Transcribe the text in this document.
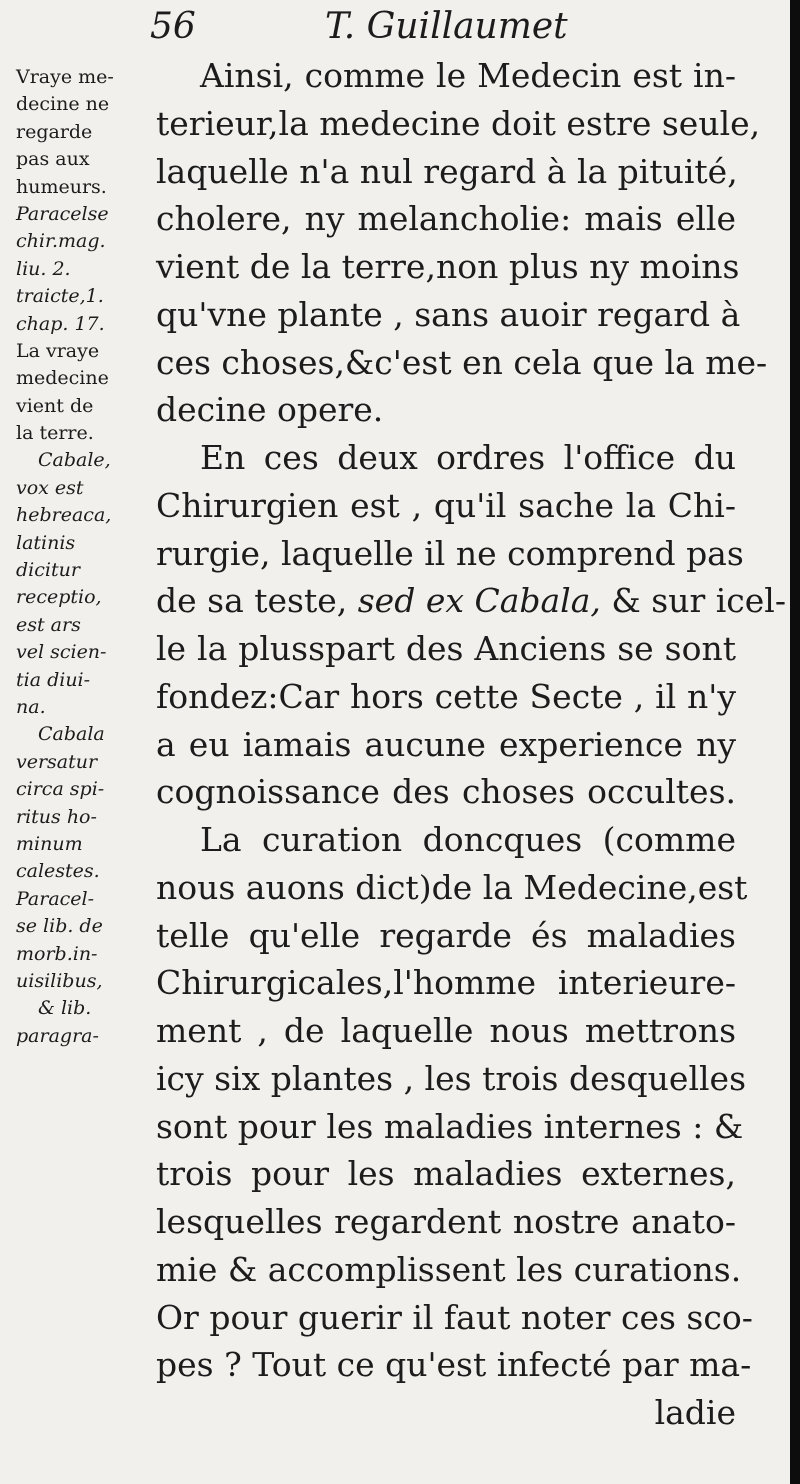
56	T. Guillaumet
Vraye me-
decine ne
regarde
pas aux
humeurs.
Paracelse
chir.mag.
liu. 2.
traicte,1.
chap. 17.
La vraye
medecine
vient de
la terre.
Cabale,
vox est
hebreaca,
latinis
dicitur
receptio,
est ars
vel scien-
tia diui-
na.
Cabala
versatur
circa spi-
ritus ho-
minum
calestes.
Paracel-
se lib. de
morb.in-
uisilibus,
& lib.
paragra-
Ainsi, comme le Medecin est in-
terieur,la medecine doit estre seule,
laquelle n'a nul regard à la pituité,
cholere, ny melancholie: mais elle
vient de la terre,non plus ny moins
qu'vne plante , sans auoir regard à
ces choses,&c'est en cela que la me-
decine opere.
En ces deux ordres l'office du
Chirurgien est , qu'il sache la Chi-
rurgie, laquelle il ne comprend pas
de sa teste, sed ex Cabala, & sur icel-
le la plusspart des Anciens se sont
fondez:Car hors cette Secte , il n'y
a eu iamais aucune experience ny
cognoissance des choses occultes.
La curation doncques (comme
nous auons dict)de la Medecine,est
telle qu'elle regarde és maladies
Chirurgicales,l'homme interieure-
ment , de laquelle nous mettrons
icy six plantes , les trois desquelles
sont pour les maladies internes : &
trois pour les maladies externes,
lesquelles regardent nostre anato-
mie & accomplissent les curations.
Or pour guerir il faut noter ces sco-
pes ? Tout ce qu'est infecté par ma-
ladie
